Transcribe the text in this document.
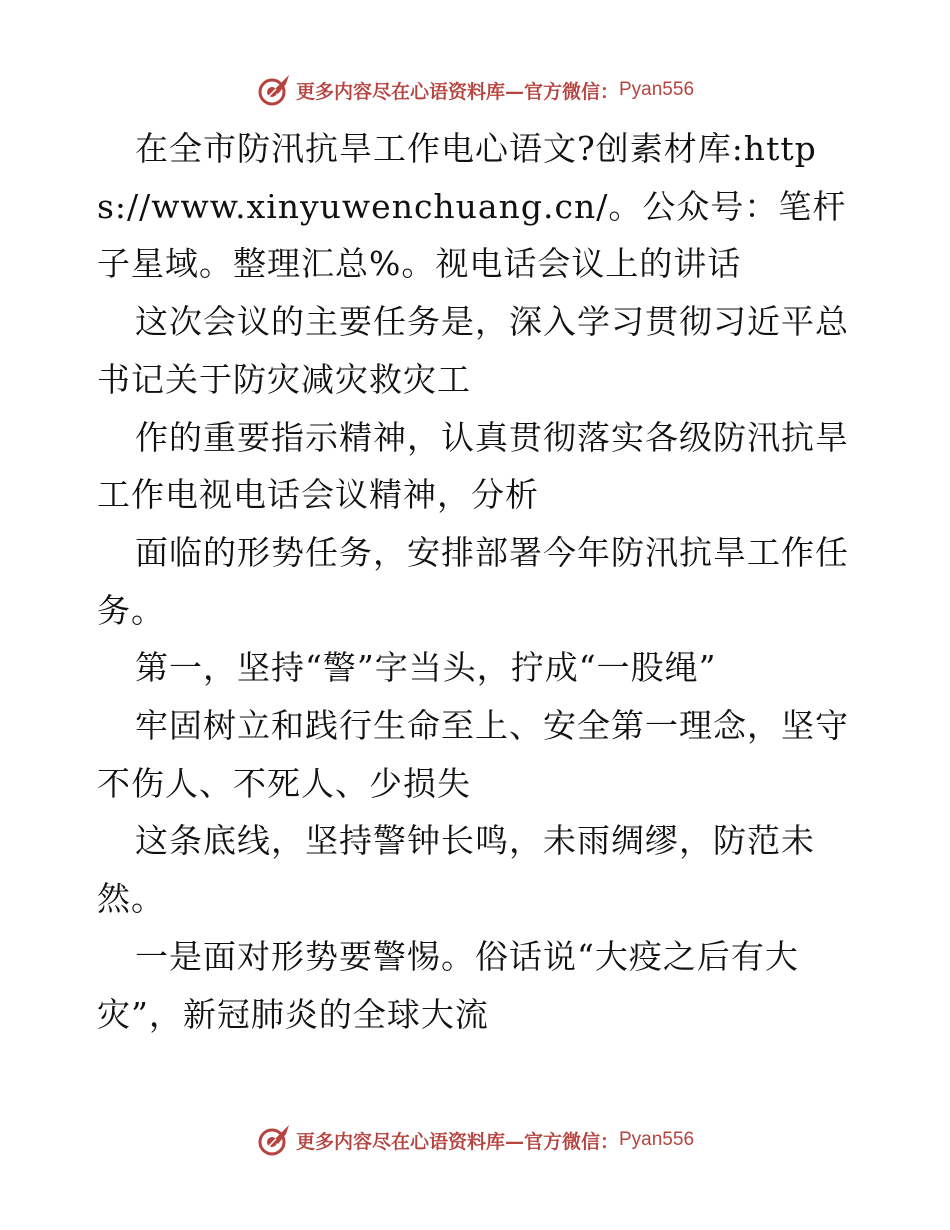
更多内容尽在心语资料库—官方微信： Pyan556

在全市防汛抗旱工作电心语文?创素材库:https://www.xinyuwenchuang.cn/。公众号：笔杆子星域。整理汇总%。视电话会议上的讲话

这次会议的主要任务是，深入学习贯彻习近平总书记关于防灾减灾救灾工

作的重要指示精神，认真贯彻落实各级防汛抗旱工作电视电话会议精神，分析

面临的形势任务，安排部署今年防汛抗旱工作任务。

第一，坚持“警”字当头，拧成“一股绳”

牢固树立和践行生命至上、安全第一理念，坚守不伤人、不死人、少损失

这条底线，坚持警钟长鸣，未雨绸缪，防范未然。

一是面对形势要警惕。俗话说“大疫之后有大灾”，新冠肺炎的全球大流

更多内容尽在心语资料库—官方微信： Pyan556
